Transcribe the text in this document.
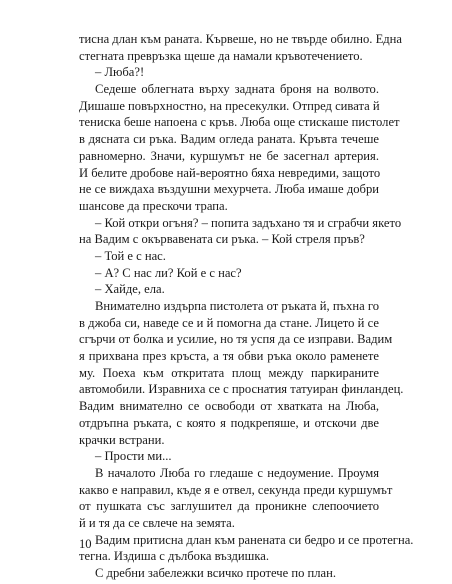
тисна длан към раната. Кървеше, но не твърде обилно. Една
стегната превръзка щеше да намали кръвотечението.
– Люба?!
Седеше облегната върху задната броня на волвото.
Дишаше повърхностно, на пресекулки. Отпред сивата й
тениска беше напоена с кръв. Люба още стискаше пистолет
в дясната си ръка. Вадим огледа раната. Кръвта течеше
равномерно. Значи, куршумът не бе засегнал артерия.
И белите дробове най-вероятно бяха невредими, защото
не се виждаха въздушни мехурчета. Люба имаше добри
шансове да прескочи трапа.
– Кой откри огъня? – попита задъхано тя и сграбчи якето
на Вадим с окървавената си ръка. – Кой стреля пръв?
– Той е с нас.
– А? С нас ли? Кой е с нас?
– Хайде, ела.
Внимателно издърпа пистолета от ръката й, пъхна го
в джоба си, наведе се и й помогна да стане. Лицето й се
сгърчи от болка и усилие, но тя успя да се изправи. Вадим
я прихвана през кръста, а тя обви ръка около раменете
му. Поеха към откритата площ между паркираните
автомобили. Изравниха се с проснатия татуиран финландец.
Вадим внимателно се освободи от хватката на Люба,
отдръпна ръката, с която я подкрепяше, и отскочи две
крачки встрани.
– Прости ми...
В началото Люба го гледаше с недоумение. Проумя
какво е направил, къде я е отвел, секунда преди куршумът
от пушката със заглушител да проникне слепоочието
й и тя да се свлече на земята.
Вадим притисна длан към ранената си бедро и се протегна.
тегна. Издиша с дълбока въздишка.
С дребни забележки всичко протече по план.
10
